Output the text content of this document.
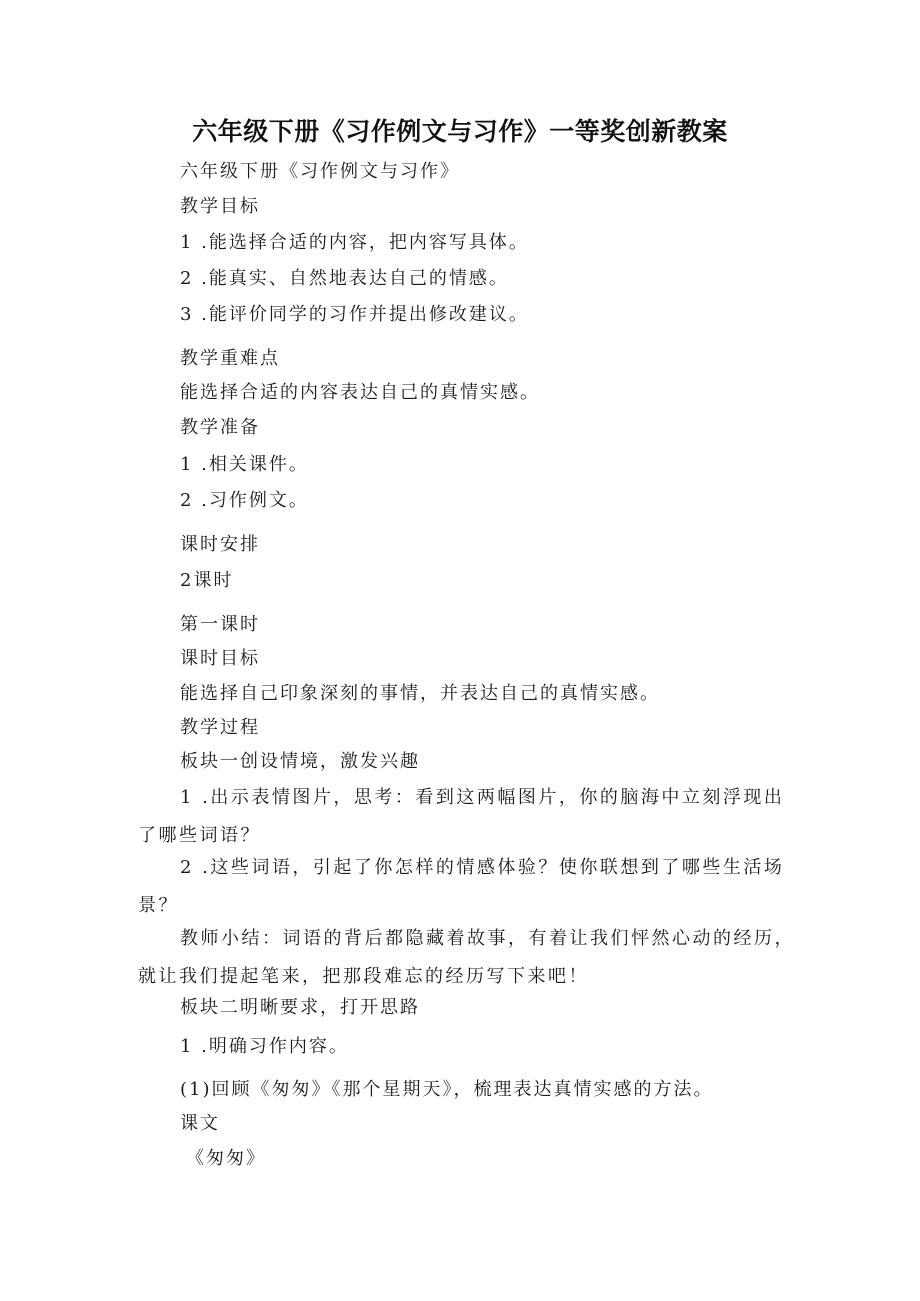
六年级下册《习作例文与习作》一等奖创新教案
六年级下册《习作例文与习作》
教学目标
1 .能选择合适的内容，把内容写具体。
2 .能真实、自然地表达自己的情感。
3 .能评价同学的习作并提出修改建议。
教学重难点
能选择合适的内容表达自己的真情实感。
教学准备
1 .相关课件。
2 .习作例文。
课时安排
2课时
第一课时
课时目标
能选择自己印象深刻的事情，并表达自己的真情实感。
教学过程
板块一创设情境，激发兴趣
1 .出示表情图片，思考：看到这两幅图片，你的脑海中立刻浮现出了哪些词语？
2 .这些词语，引起了你怎样的情感体验？使你联想到了哪些生活场景？
教师小结：词语的背后都隐藏着故事，有着让我们怦然心动的经历，就让我们提起笔来，把那段难忘的经历写下来吧！
板块二明晰要求，打开思路
1 .明确习作内容。
(1)回顾《匆匆》《那个星期天》，梳理表达真情实感的方法。
课文
《匆匆》
